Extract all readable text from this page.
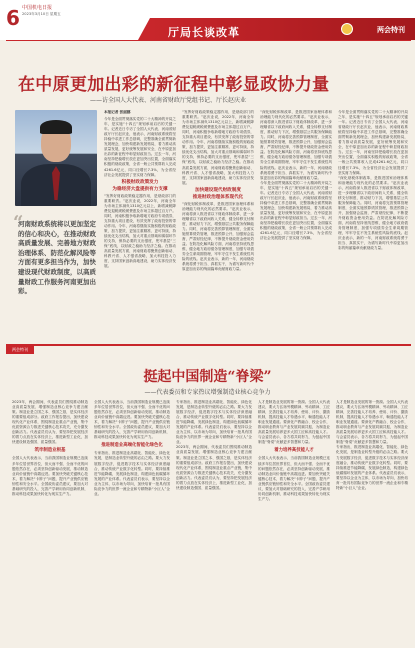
6 中国机电日报
2023年3月10日 星期五
厅局长谈改革	两会特刊
在中原更加出彩的新征程中彰显政协力量
——访全国人大代表、河南省财政厅党组书记、厅长赵庆业
“
河南财政系统将以更加坚定的信心和决心，在推动财政高质量发展、完善地方财政治理体系、防范化解风险等方面有更多担当作为，加快建设现代财政制度，以高质量财政工作服务河南更加出彩。
本报记者 张丽娜
今年是全面贯彻落实党的二十大精神的开局之年，是实施“十四五”规划承前启后的关键一年。记者近日专访了全国人大代表、河南省财政厅厅长赵庆业，他表示，河南财政系统将坚持稳中求进工作总基调，完整准确全面贯彻新发展理念，加快构建新发展格局，着力推动高质量发展，更好统筹发展和安全，在中原更加出彩的新征程中彰显财政担当。过去一年，河南坚持把稳增长放在更加突出位置，全面落实积极的财政政策，全省一般公共预算收入完成4261.6亿元，同口径增长7.3%，为全省经济社会发展提供了坚实财力保障。
积极财政政策发力
为稳经济大盘提供有力支撑
“发挥好财政政策稳定器作用，是财政部门的重要职责。”赵庆业说，2022年，河南全年为市场主体减负1310亿元以上，新增减税降费及退税缓税缓费惠及市场主体超过百万户。同时，河南积极争取新增地方政府专项债券，支持重大项目建设，有效发挥了政府投资的带动作用。今年，河南将继续实施积极的财政政策，加力提效，更加注重精准、更可持续，持续优化支出结构，加大对重点领域和薄弱环节的支持，保持必要的支出强度，兜牢基层“三保”底线，以财政之稳助力经济之稳。在推动高质量发展方面，河南财政将聚焦创新驱动、科教兴省、人才强省战略，加大科技投入力度，支持国家创新高地建设，助力实体经济发展。
“发挥好财政政策稳定器作用，是财政部门的重要职责。”赵庆业说，2022年，河南全年为市场主体减负1310亿元以上，新增减税降费及退税缓税缓费惠及市场主体超过百万户。同时，河南积极争取新增地方政府专项债券，支持重大项目建设，有效发挥了政府投资的带动作用。今年，河南将继续实施积极的财政政策，加力提效，更加注重精准、更可持续，持续优化支出结构，加大对重点领域和薄弱环节的支持，保持必要的支出强度，兜牢基层“三保”底线，以财政之稳助力经济之稳。在推动高质量发展方面，河南财政将聚焦创新驱动、科教兴省、人才强省战略，加大科技投入力度，支持国家创新高地建设，助力实体经济发展。
加快建设现代财政制度
推进财政治理体系现代化
“深化财税体制改革，是推进国家治理体系和治理能力现代化的必然要求。”赵庆业表示，河南将深入推进省以下财政体制改革，进一步理顺省以下政府间收入关系，健全转移支付制度，推动财力下沉，增强基层公共服务保障能力。同时，河南将完善预算管理制度，全面实施预算绩效管理，推进预算公开，加强财会监督，严肃财经纪律，不断提升财政资金使用效益。在防范化解风险方面，河南将坚持底线思维，健全地方政府债务管理制度，加强专项债券全生命周期管理，牢牢守住不发生系统性风险的底线。赵庆业表示，新的一年，河南财政系统将勇于担当、真抓实干，为谱写新时代中原更加出彩的绚丽篇章贡献财政力量。
“深化财税体制改革，是推进国家治理体系和治理能力现代化的必然要求。”赵庆业表示，河南将深入推进省以下财政体制改革，进一步理顺省以下政府间收入关系，健全转移支付制度，推动财力下沉，增强基层公共服务保障能力。同时，河南将完善预算管理制度，全面实施预算绩效管理，推进预算公开，加强财会监督，严肃财经纪律，不断提升财政资金使用效益。在防范化解风险方面，河南将坚持底线思维，健全地方政府债务管理制度，加强专项债券全生命周期管理，牢牢守住不发生系统性风险的底线。赵庆业表示，新的一年，河南财政系统将勇于担当、真抓实干，为谱写新时代中原更加出彩的绚丽篇章贡献财政力量。
今年是全面贯彻落实党的二十大精神的开局之年，是实施“十四五”规划承前启后的关键一年。记者近日专访了全国人大代表、河南省财政厅厅长赵庆业，他表示，河南财政系统将坚持稳中求进工作总基调，完整准确全面贯彻新发展理念，加快构建新发展格局，着力推动高质量发展，更好统筹发展和安全，在中原更加出彩的新征程中彰显财政担当。过去一年，河南坚持把稳增长放在更加突出位置，全面落实积极的财政政策，全省一般公共预算收入完成4261.6亿元，同口径增长7.3%，为全省经济社会发展提供了坚实财力保障。
今年是全面贯彻落实党的二十大精神的开局之年，是实施“十四五”规划承前启后的关键一年。记者近日专访了全国人大代表、河南省财政厅厅长赵庆业，他表示，河南财政系统将坚持稳中求进工作总基调，完整准确全面贯彻新发展理念，加快构建新发展格局，着力推动高质量发展，更好统筹发展和安全，在中原更加出彩的新征程中彰显财政担当。过去一年，河南坚持把稳增长放在更加突出位置，全面落实积极的财政政策，全省一般公共预算收入完成4261.6亿元，同口径增长7.3%，为全省经济社会发展提供了坚实财力保障。
“深化财税体制改革，是推进国家治理体系和治理能力现代化的必然要求。”赵庆业表示，河南将深入推进省以下财政体制改革，进一步理顺省以下政府间收入关系，健全转移支付制度，推动财力下沉，增强基层公共服务保障能力。同时，河南将完善预算管理制度，全面实施预算绩效管理，推进预算公开，加强财会监督，严肃财经纪律，不断提升财政资金使用效益。在防范化解风险方面，河南将坚持底线思维，健全地方政府债务管理制度，加强专项债券全生命周期管理，牢牢守住不发生系统性风险的底线。赵庆业表示，新的一年，河南财政系统将勇于担当、真抓实干，为谱写新时代中原更加出彩的绚丽篇章贡献财政力量。
两会特刊
挺起中国制造“脊梁”
——代表委员和专家热议增强制造业核心竞争力
2023年，两会期间，代表委员们围绕推动制造业高质量发展、增强制造业核心竞争力建言献策。制造业是立国之本、强国之基，是实体经济的重要组成部分。政府工作报告提出，加快建设现代化产业体系，围绕制造业重点产业链，集中优质资源合力推进关键核心技术攻关，充分激发创新活力。代表委员们认为，要坚持把发展经济的着力点放在实体经济上，推进新型工业化，加快建设制造强国、质量强国。
筑牢制造业根基
全国人大代表表示，当前我国制造业规模已连续多年位居世界首位，但大而不强、全而不优的问题依然存在，必须坚持创新驱动发展，推动制造业向价值链中高端迈进。要加快突破关键核心技术，着力解决“卡脖子”问题，提升产业链供应链韧性和安全水平。全国政协委员建议，要加大对基础研究的投入，完善产学研用协同创新机制，推动科技成果加快转化为现实生产力。
全国人大代表表示，当前我国制造业规模已连续多年位居世界首位，但大而不强、全而不优的问题依然存在，必须坚持创新驱动发展，推动制造业向价值链中高端迈进。要加快突破关键核心技术，着力解决“卡脖子”问题，提升产业链供应链韧性和安全水平。全国政协委员建议，要加大对基础研究的投入，完善产学研用协同创新机制，推动科技成果加快转化为现实生产力。
推进制造业高端化智能化绿色化
专家指出，推进制造业高端化、智能化、绿色化发展，是制造业转型升级的必由之路。要大力发展数字经济，促进数字技术与实体经济深度融合，推动传统产业数字化转型。同时，要持续推进节能降碳，发展绿色制造，构建绿色低碳循环发展的产业体系。代表委员们表示，要坚持以企业为主体，以市场为导向，加快培育一批具有国际竞争力的世界一流企业和专精特新“小巨人”企业。
专家指出，推进制造业高端化、智能化、绿色化发展，是制造业转型升级的必由之路。要大力发展数字经济，促进数字技术与实体经济深度融合，推动传统产业数字化转型。同时，要持续推进节能降碳，发展绿色制造，构建绿色低碳循环发展的产业体系。代表委员们表示，要坚持以企业为主体，以市场为导向，加快培育一批具有国际竞争力的世界一流企业和专精特新“小巨人”企业。
2023年，两会期间，代表委员们围绕推动制造业高质量发展、增强制造业核心竞争力建言献策。制造业是立国之本、强国之基，是实体经济的重要组成部分。政府工作报告提出，加快建设现代化产业体系，围绕制造业重点产业链，集中优质资源合力推进关键核心技术攻关，充分激发创新活力。代表委员们认为，要坚持把发展经济的着力点放在实体经济上，推进新型工业化，加快建设制造强国、质量强国。
人才是制造业发展的第一资源。全国人大代表建议，要大力弘扬劳模精神、劳动精神、工匠精神，完善技能人才培养、使用、评价、激励机制，提高技能人才待遇水平，畅通技能人才职业发展通道。要深化产教融合、校企合作，推动职业教育与产业发展同频共振，为制造业高质量发展培养更多大国工匠和高技能人才。与会委员表示，各方将共同努力，为挺起中国制造“脊梁”贡献更多智慧和力量。
着力培养高技能人才
全国人大代表表示，当前我国制造业规模已连续多年位居世界首位，但大而不强、全而不优的问题依然存在，必须坚持创新驱动发展，推动制造业向价值链中高端迈进。要加快突破关键核心技术，着力解决“卡脖子”问题，提升产业链供应链韧性和安全水平。全国政协委员建议，要加大对基础研究的投入，完善产学研用协同创新机制，推动科技成果加快转化为现实生产力。
人才是制造业发展的第一资源。全国人大代表建议，要大力弘扬劳模精神、劳动精神、工匠精神，完善技能人才培养、使用、评价、激励机制，提高技能人才待遇水平，畅通技能人才职业发展通道。要深化产教融合、校企合作，推动职业教育与产业发展同频共振，为制造业高质量发展培养更多大国工匠和高技能人才。与会委员表示，各方将共同努力，为挺起中国制造“脊梁”贡献更多智慧和力量。
专家指出，推进制造业高端化、智能化、绿色化发展，是制造业转型升级的必由之路。要大力发展数字经济，促进数字技术与实体经济深度融合，推动传统产业数字化转型。同时，要持续推进节能降碳，发展绿色制造，构建绿色低碳循环发展的产业体系。代表委员们表示，要坚持以企业为主体，以市场为导向，加快培育一批具有国际竞争力的世界一流企业和专精特新“小巨人”企业。
